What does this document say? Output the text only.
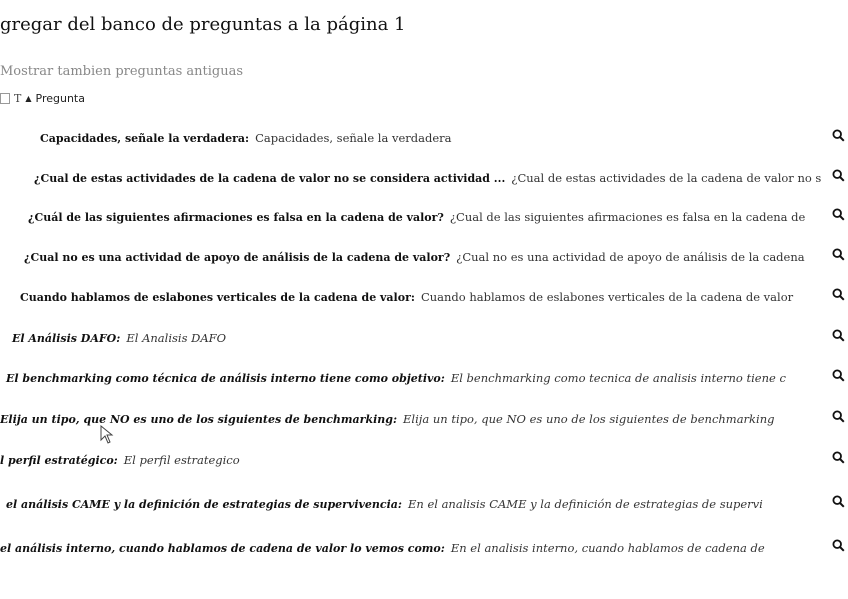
gregar del banco de preguntas a la página 1
Mostrar tambien preguntas antiguas
T ▲ Pregunta
Capacidades, señale la verdadera: Capacidades, señale la verdadera
¿Cual de estas actividades de la cadena de valor no se considera actividad ... ¿Cual de estas actividades de la cadena de valor no s
¿Cuál de las siguientes afirmaciones es falsa en la cadena de valor? ¿Cual de las siguientes afirmaciones es falsa en la cadena de
¿Cual no es una actividad de apoyo de análisis de la cadena de valor? ¿Cual no es una actividad de apoyo de análisis de la cadena
Cuando hablamos de eslabones verticales de la cadena de valor: Cuando hablamos de eslabones verticales de la cadena de valor
El Análisis DAFO: El Analisis DAFO
El benchmarking como técnica de análisis interno tiene como objetivo: El benchmarking como tecnica de analisis interno tiene c
Elija un tipo, que NO es uno de los siguientes de benchmarking: Elija un tipo, que NO es uno de los siguientes de benchmarking
l perfil estratégico: El perfil estrategico
el análisis CAME y la definición de estrategias de supervivencia: En el analisis CAME y la definición de estrategias de supervi
el análisis interno, cuando hablamos de cadena de valor lo vemos como: En el analisis interno, cuando hablamos de cadena de
